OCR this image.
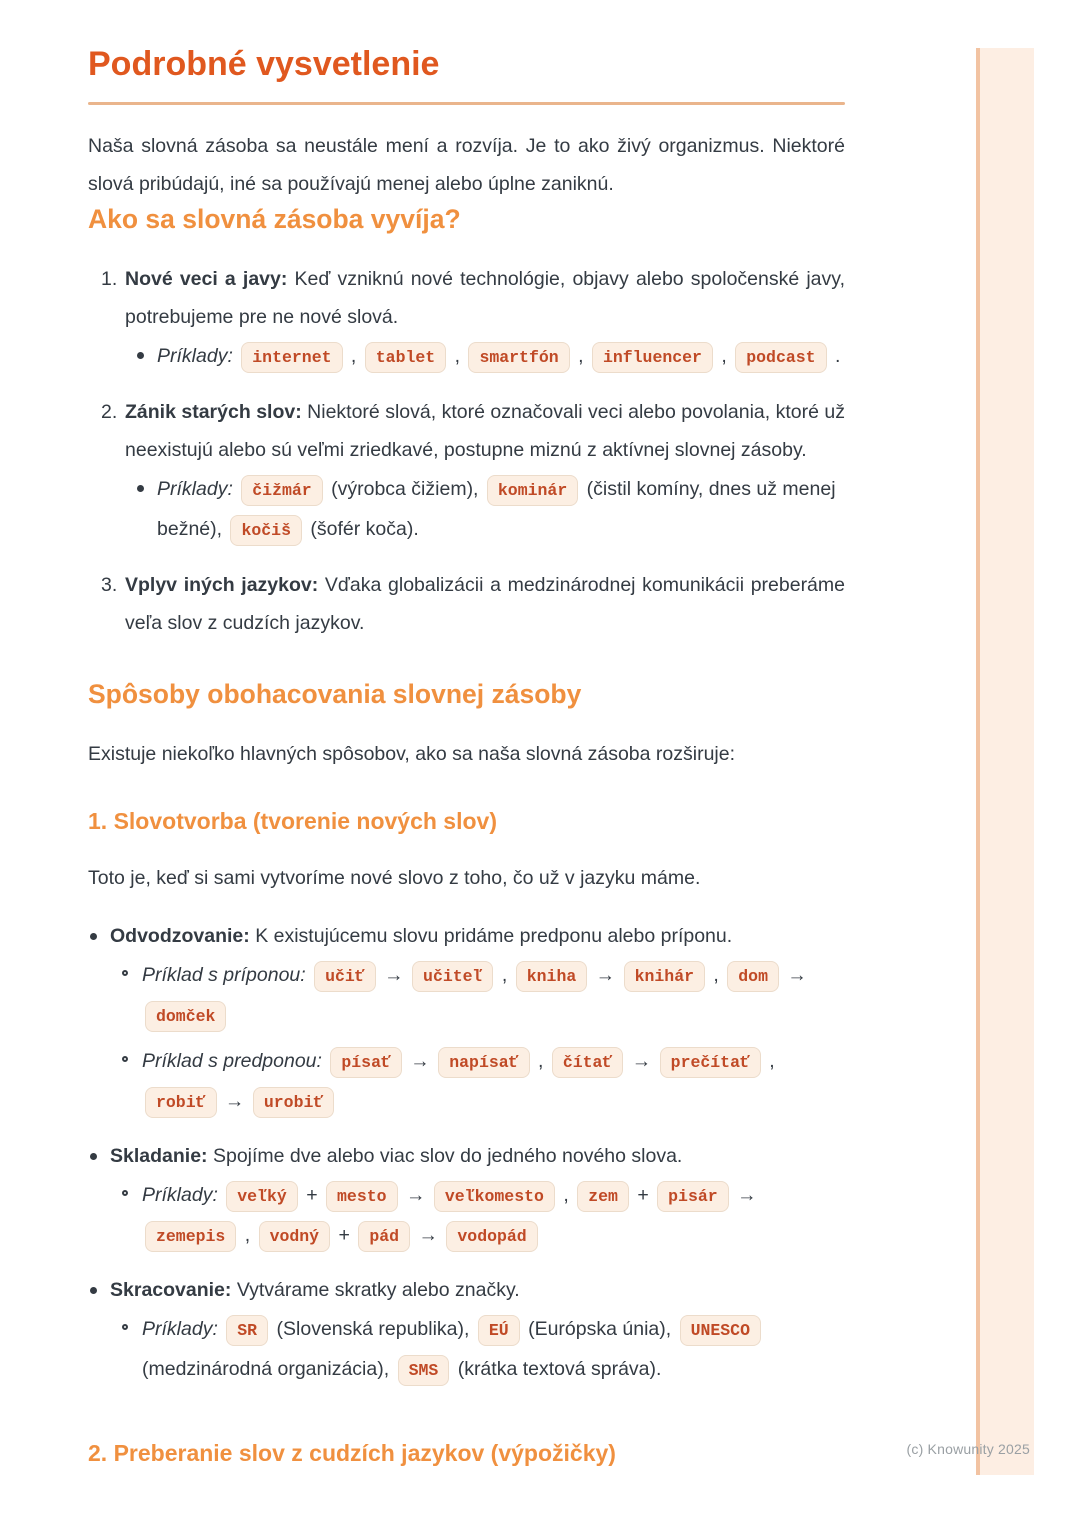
(c) Knowunity 2025
Podrobné vysvetlenie

Naša slovná zásoba sa neustále mení a rozvíja. Je to ako živý organizmus. Niektoré slová pribúdajú, iné sa používajú menej alebo úplne zaniknú.

Ako sa slovná zásoba vyvíja?
1. Nové veci a javy: Keď vzniknú nové technológie, objavy alebo spoločenské javy, potrebujeme pre ne nové slová.

Príklady: internet , tablet , smartfón , influencer , podcast .
2. Zánik starých slov: Niektoré slová, ktoré označovali veci alebo povolania, ktoré už neexistujú alebo sú veľmi zriedkavé, postupne miznú z aktívnej slovnej zásoby.

Príklady: čižmár (výrobca čižiem), kominár (čistil komíny, dnes už menej bežné), kočiš (šofér koča).
3. Vplyv iných jazykov: Vďaka globalizácii a medzinárodnej komunikácii preberáme veľa slov z cudzích jazykov.

Spôsoby obohacovania slovnej zásoby

Existuje niekoľko hlavných spôsobov, ako sa naša slovná zásoba rozširuje:

1. Slovotvorba (tvorenie nových slov)

Toto je, keď si sami vytvoríme nové slovo z toho, čo už v jazyku máme.

Odvodzovanie: K existujúcemu slovu pridáme predponu alebo príponu.

Príklad s príponou: učiť → učiteľ , kniha → knihár , dom → domček
Príklad s predponou: písať → napísať , čítať → prečítať , robiť → urobiť

Skladanie: Spojíme dve alebo viac slov do jedného nového slova.

Príklady: veľký + mesto → veľkomesto , zem + pisár → zemepis , vodný + pád → vodopád

Skracovanie: Vytvárame skratky alebo značky.

Príklady: SR (Slovenská republika), EÚ (Európska únia), UNESCO (medzinárodná organizácia), SMS (krátka textová správa).
2. Preberanie slov z cudzích jazykov (výpožičky)
